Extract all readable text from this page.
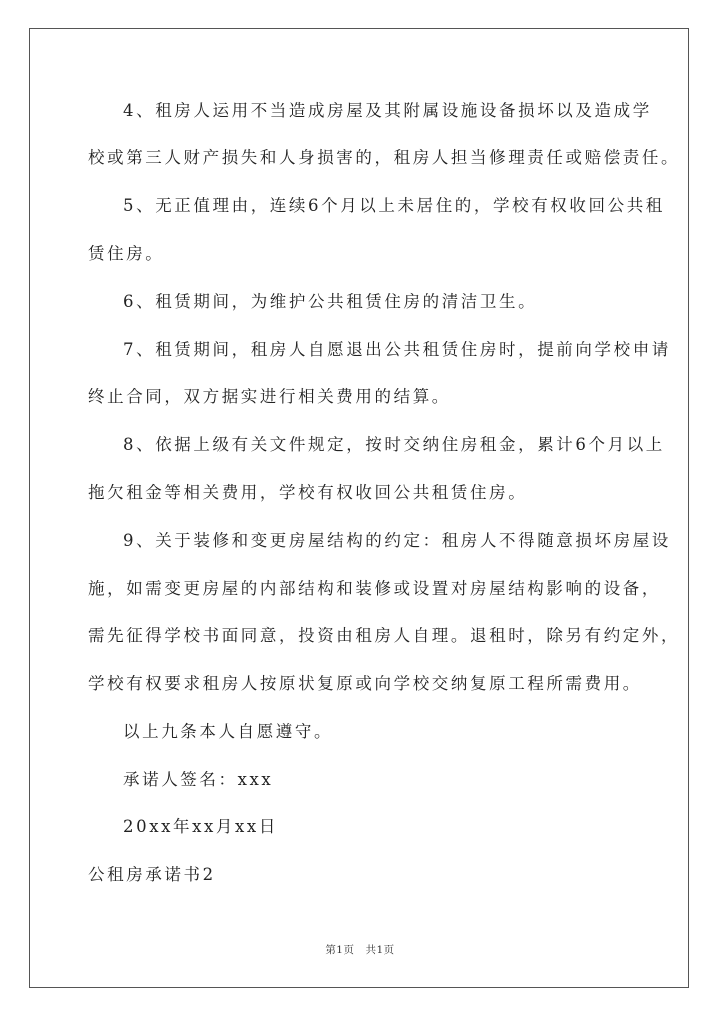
4、租房人运用不当造成房屋及其附属设施设备损坏以及造成学
校或第三人财产损失和人身损害的，租房人担当修理责任或赔偿责任。
5、无正值理由，连续6个月以上未居住的，学校有权收回公共租
赁住房。
6、租赁期间，为维护公共租赁住房的清洁卫生。
7、租赁期间，租房人自愿退出公共租赁住房时，提前向学校申请
终止合同，双方据实进行相关费用的结算。
8、依据上级有关文件规定，按时交纳住房租金，累计6个月以上
拖欠租金等相关费用，学校有权收回公共租赁住房。
9、关于装修和变更房屋结构的约定：租房人不得随意损坏房屋设
施，如需变更房屋的内部结构和装修或设置对房屋结构影响的设备，
需先征得学校书面同意，投资由租房人自理。退租时，除另有约定外，
学校有权要求租房人按原状复原或向学校交纳复原工程所需费用。
以上九条本人自愿遵守。
承诺人签名：xxx
20xx年xx月xx日
公租房承诺书2
第1页　共1页
